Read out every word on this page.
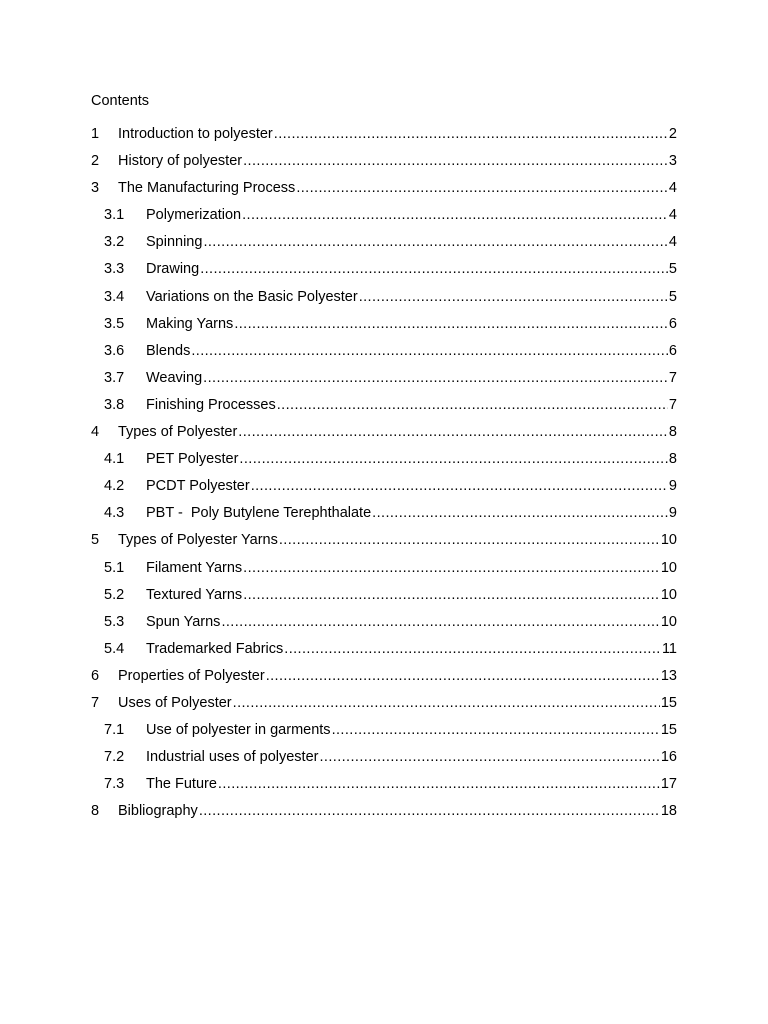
Contents
1 Introduction to polyester .....	2
2 History of polyester .....	3
3 The Manufacturing Process .....	4
3.1 Polymerization .....	4
3.2 Spinning .....	4
3.3 Drawing .....	5
3.4 Variations on the Basic Polyester .....	5
3.5 Making Yarns .....	6
3.6 Blends .....	6
3.7 Weaving .....	7
3.8 Finishing Processes .....	7
4 Types of Polyester .....	8
4.1 PET Polyester .....	8
4.2 PCDT Polyester .....	9
4.3 PBT -  Poly Butylene Terephthalate .....	9
5 Types of Polyester Yarns .....	10
5.1 Filament Yarns .....	10
5.2 Textured Yarns .....	10
5.3 Spun Yarns .....	10
5.4 Trademarked Fabrics .....	11
6 Properties of Polyester .....	13
7 Uses of Polyester .....	15
7.1 Use of polyester in garments .....	15
7.2 Industrial uses of polyester .....	16
7.3 The Future .....	17
8 Bibliography .....	18
